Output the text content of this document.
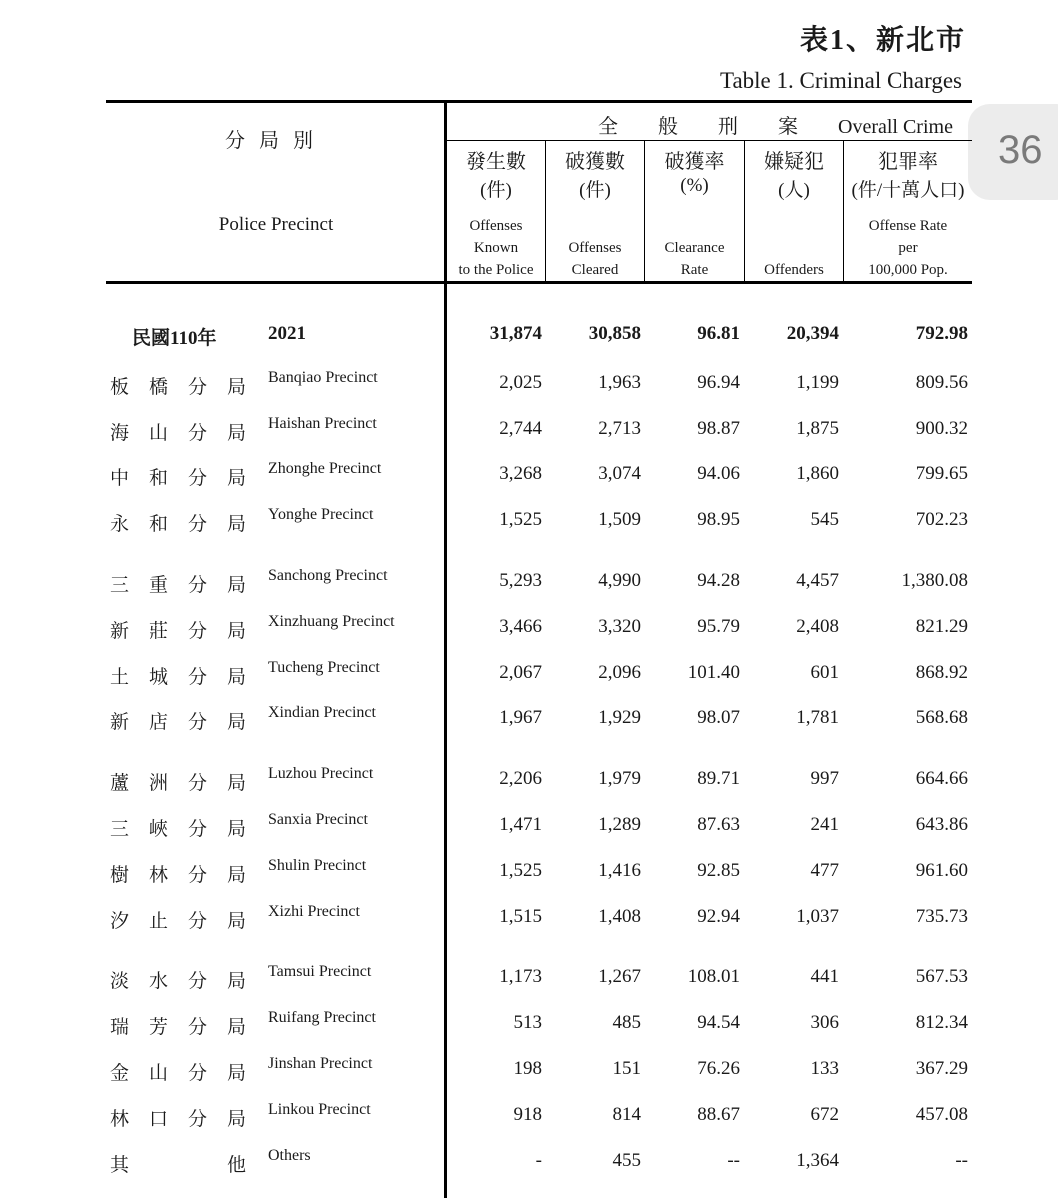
表1、新北市
Table 1. Criminal Charges
36
分局別
Police Precinct
全般刑案Overall Crime
發生數
(件)
Offenses
Known
to the Police
破獲數
(件)
Offenses
Cleared
破獲率
(%)
Clearance
Rate
嫌疑犯
(人)
Offenders
犯罪率
(件/十萬人口)
Offense Rate
per
100,000 Pop.
民國110年	2021	31,874 30,858	96.81 20,394	792.98
板 橋 分 局 Banqiao Precinct	2,025	1,963	96.94	1,199	809.56
海 山 分 局 Haishan Precinct	2,744	2,713	98.87	1,875	900.32
中 和 分 局 Zhonghe Precinct	3,268	3,074	94.06	1,860	799.65
永 和 分 局 Yonghe Precinct	1,525	1,509	98.95	545	702.23
三 重 分 局 Sanchong Precinct	5,293	4,990	94.28	4,457	1,380.08
新 莊 分 局 Xinzhuang Precinct	3,466	3,320	95.79	2,408	821.29
土 城 分 局 Tucheng Precinct	2,067	2,096 101.40	601	868.92
新 店 分 局 Xindian Precinct	1,967	1,929	98.07	1,781	568.68
蘆 洲 分 局 Luzhou Precinct	2,206	1,979	89.71	997	664.66
三 峽 分 局 Sanxia Precinct	1,471	1,289	87.63	241	643.86
樹 林 分 局 Shulin Precinct	1,525	1,416	92.85	477	961.60
汐 止 分 局 Xizhi Precinct	1,515	1,408	92.94	1,037	735.73
淡 水 分 局 Tamsui Precinct	1,173	1,267 108.01	441	567.53
瑞 芳 分 局 Ruifang Precinct	513	485	94.54	306	812.34
金 山 分 局 Jinshan Precinct	198	151	76.26	133	367.29
林 口 分 局 Linkou Precinct	918	814	88.67	672	457.08
其	他 Others	-	455	--	1,364	--
